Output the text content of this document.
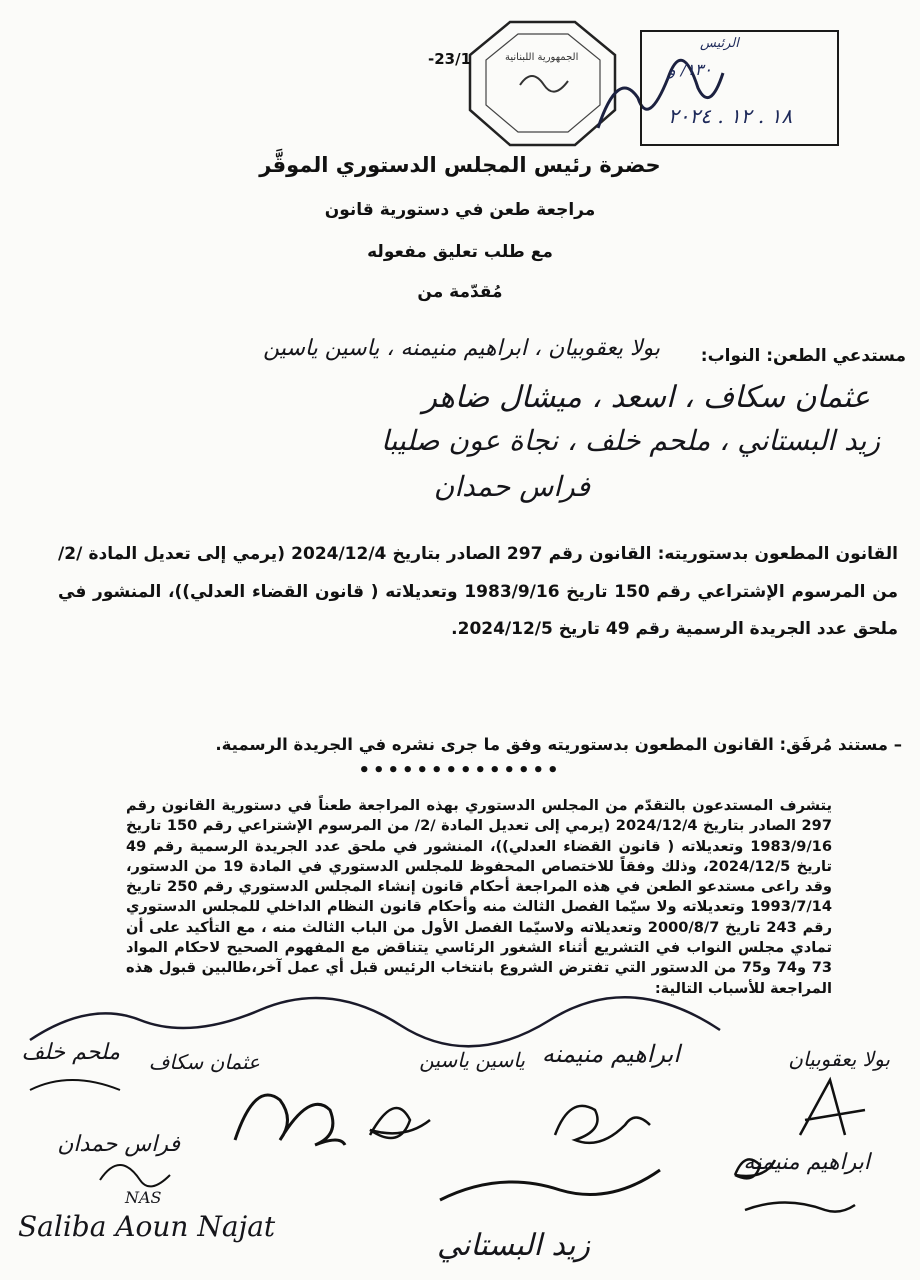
١٣٠/ و
١٨ . ١٢ . ٢٠٢٤
الرئيس
الجمهورية اللبنانية
-23/1
حضرة رئيس المجلس الدستوري الموقَّر
مراجعة طعن في دستورية قانون
مع طلب تعليق مفعوله
مُقدّمة من
مستدعي الطعن: النواب:
بولا يعقوبيان ، ابراهيم منيمنه ، ياسين ياسين
عثمان سكاف ، اسعد ، ميشال ضاهر
زيد البستاني ، ملحم خلف ، نجاة عون صليبا
فراس حمدان
القانون المطعون بدستوريته: القانون رقم 297 الصادر بتاريخ 2024/12/4 (يرمي إلى تعديل المادة /2/ من المرسوم الإشتراعي رقم 150 تاريخ 1983/9/16 وتعديلاته ( قانون القضاء العدلي))، المنشور في ملحق عدد الجريدة الرسمية رقم 49 تاريخ 2024/12/5.
– مستند مُرفَق: القانون المطعون بدستوريته وفق ما جرى نشره في الجريدة الرسمية.
••••••••••••••
يتشرف المستدعون بالتقدّم من المجلس الدستوري بهذه المراجعة طعناً في دستورية القانون رقم 297 الصادر بتاريخ 2024/12/4 (يرمي إلى تعديل المادة /2/ من المرسوم الإشتراعي رقم 150 تاريخ 1983/9/16 وتعديلاته ( قانون القضاء العدلي))، المنشور في ملحق عدد الجريدة الرسمية رقم 49 تاريخ 2024/12/5، وذلك وفقاً للاختصاص المحفوظ للمجلس الدستوري في المادة 19 من الدستور، وقد راعى مستدعو الطعن في هذه المراجعة أحكام قانون إنشاء المجلس الدستوري رقم 250 تاريخ 1993/7/14 وتعديلاته ولا سيّما الفصل الثالث منه وأحكام قانون النظام الداخلي للمجلس الدستوري رقم 243 تاريخ 2000/8/7 وتعديلاته ولاسيّما الفصل الأول من الباب الثالث منه ، مع التأكيد على أن تمادي مجلس النواب في التشريع أثناء الشغور الرئاسي يتناقض مع المفهوم الصحيح لاحكام المواد 73 و74 و75 من الدستور التي تفترض الشروع بانتخاب الرئيس قبل أي عمل آخر،طالبين قبول هذه المراجعة للأسباب التالية:
بولا يعقوبيان
ابراهيم منيمنه
ياسين ياسين
عثمان سكاف
ملحم خلف
فراس حمدان
NAS
Saliba Aoun Najat
زيد البستاني
ابراهيم منيمنه
